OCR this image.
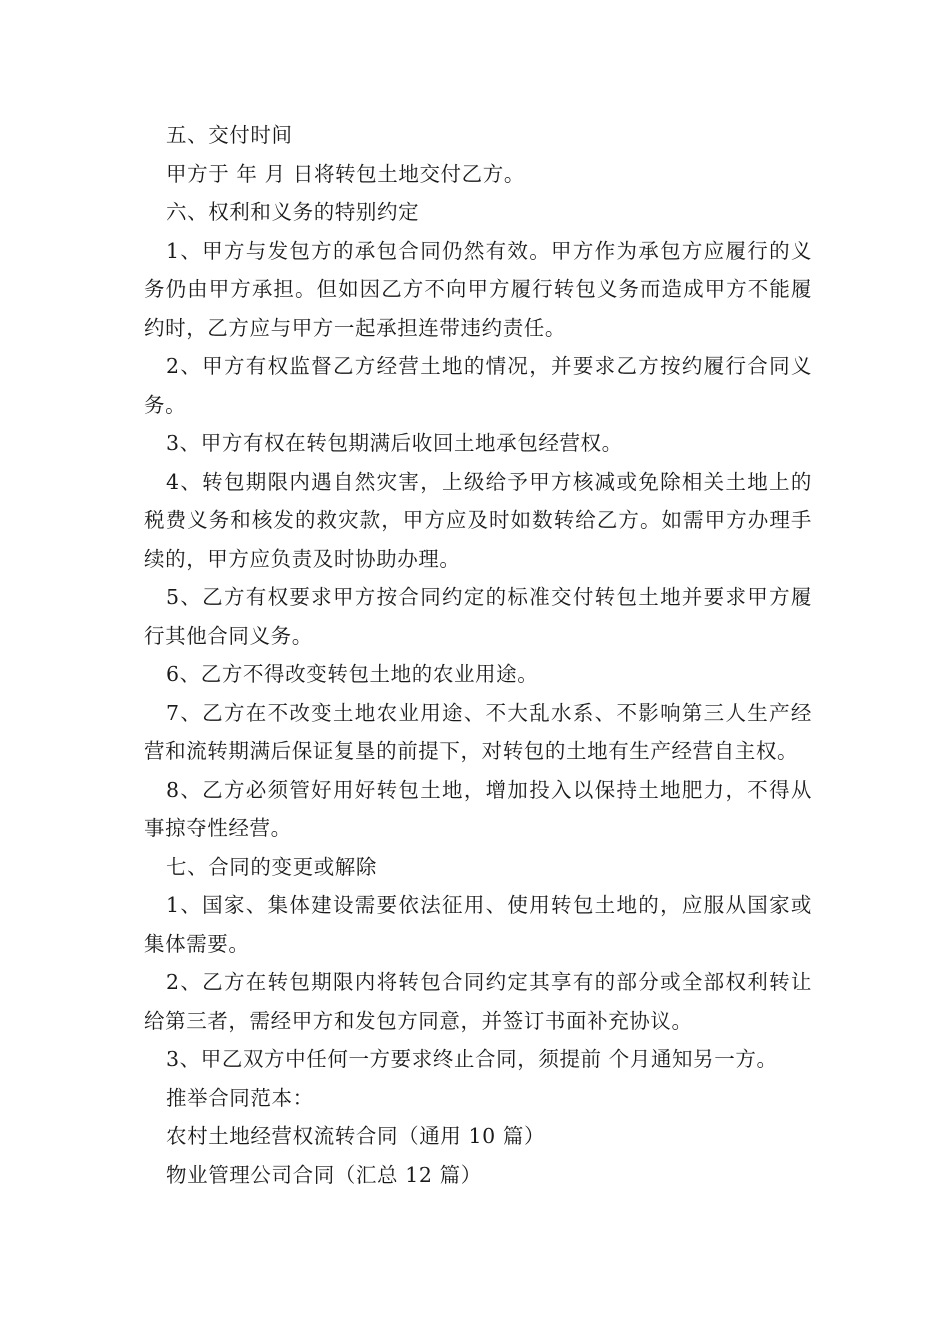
五、交付时间

甲方于 年 月 日将转包土地交付乙方。

六、权利和义务的特别约定

1、甲方与发包方的承包合同仍然有效。甲方作为承包方应履行的义务仍由甲方承担。但如因乙方不向甲方履行转包义务而造成甲方不能履约时，乙方应与甲方一起承担连带违约责任。

2、甲方有权监督乙方经营土地的情况，并要求乙方按约履行合同义务。

3、甲方有权在转包期满后收回土地承包经营权。

4、转包期限内遇自然灾害，上级给予甲方核减或免除相关土地上的税费义务和核发的救灾款，甲方应及时如数转给乙方。如需甲方办理手续的，甲方应负责及时协助办理。

5、乙方有权要求甲方按合同约定的标准交付转包土地并要求甲方履行其他合同义务。

6、乙方不得改变转包土地的农业用途。

7、乙方在不改变土地农业用途、不大乱水系、不影响第三人生产经营和流转期满后保证复垦的前提下，对转包的土地有生产经营自主权。

8、乙方必须管好用好转包土地，增加投入以保持土地肥力，不得从事掠夺性经营。

七、合同的变更或解除

1、国家、集体建设需要依法征用、使用转包土地的，应服从国家或集体需要。

2、乙方在转包期限内将转包合同约定其享有的部分或全部权利转让给第三者，需经甲方和发包方同意，并签订书面补充协议。

3、甲乙双方中任何一方要求终止合同，须提前 个月通知另一方。

推举合同范本：

农村土地经营权流转合同（通用 10 篇）

物业管理公司合同（汇总 12 篇）
